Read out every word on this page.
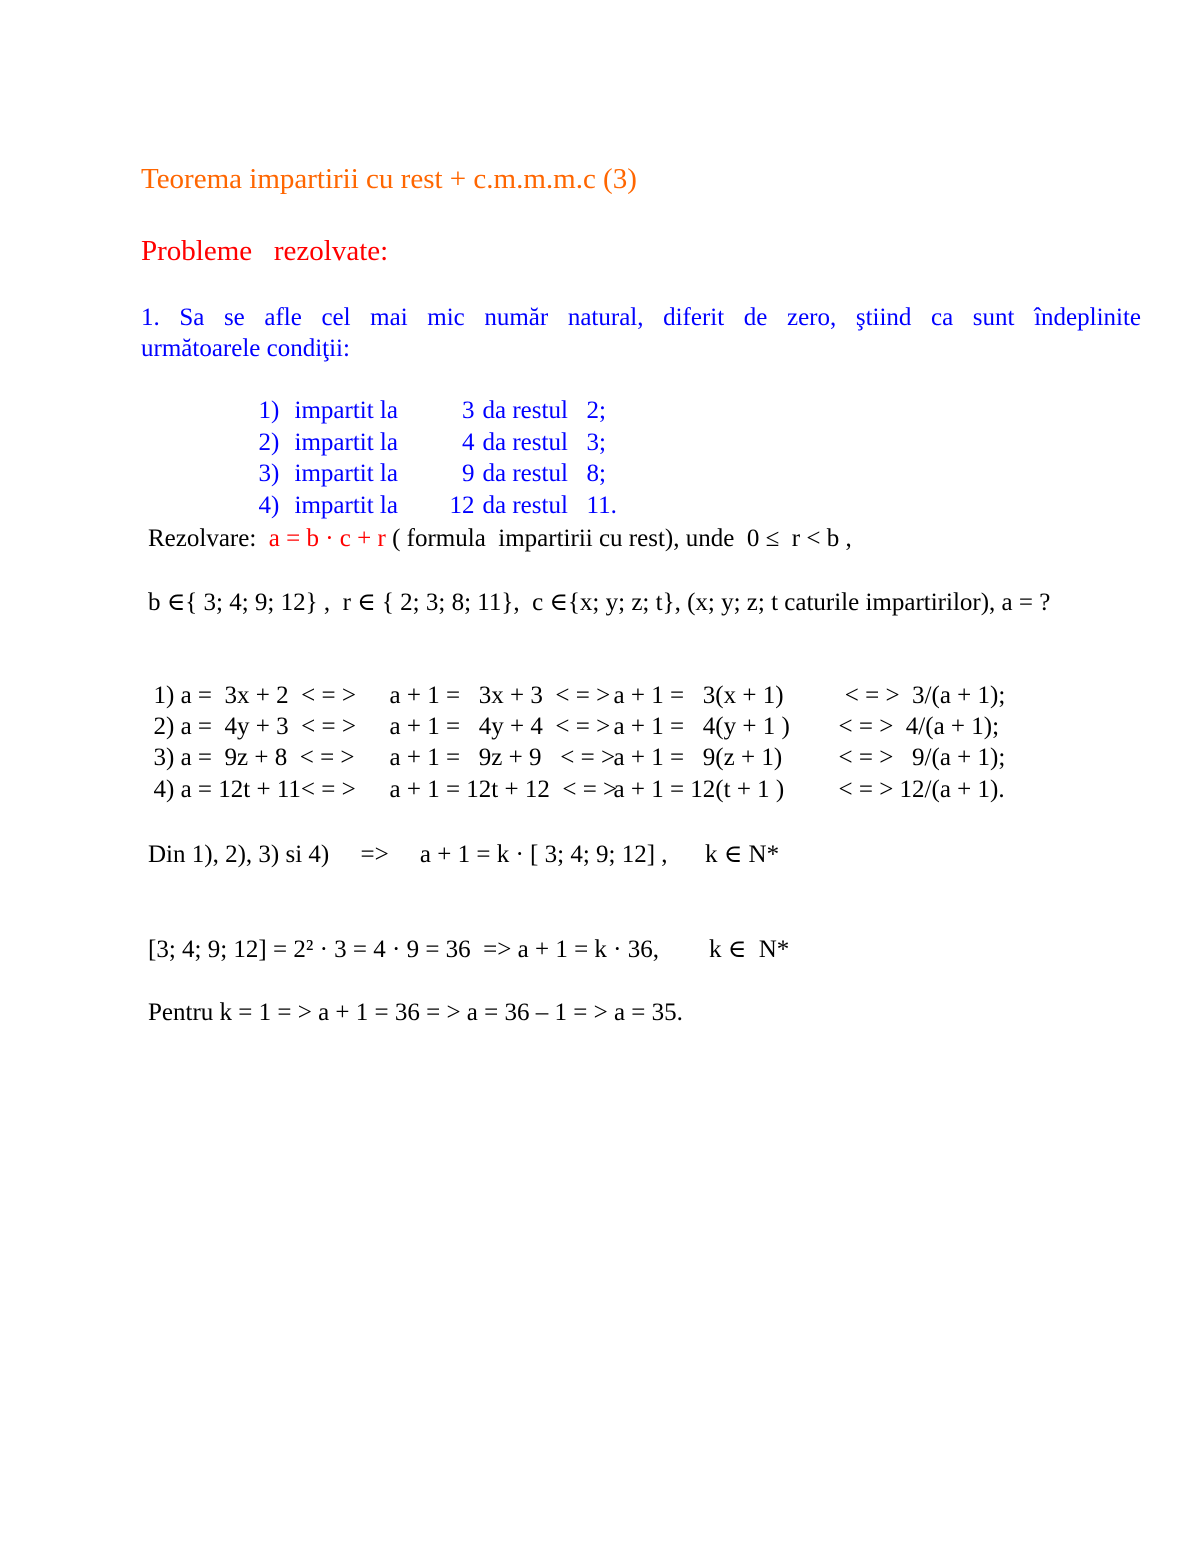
Teorema impartirii cu rest + c.m.m.m.c (3)
Probleme   rezolvate:
1. Sa se afle cel mai mic număr natural, diferit de zero, ştiind ca sunt îndeplinite
următoarele condiţii:

1) impartit la	3 da restul 2;

2) impartit la	4 da restul 3;

3) impartit la	9 da restul 8;

4) impartit la 12 da restul 11.

Rezolvare:  a = b · c + r ( formula  impartirii cu rest), unde  0 ≤  r < b ,
b ∈{ 3; 4; 9; 12} ,  r ∈ { 2; 3; 8; 11},  c ∈{x; y; z; t}, (x; y; z; t caturile impartirilor), a = ?

1) a =  3x + 2  < = > a + 1 =   3x + 3  < = > a + 1 =   3(x + 1)  < = >  3/(a + 1);

2) a =  4y + 3  < = > a + 1 =   4y + 4  < = > a + 1 =   4(y + 1 ) < = >  4/(a + 1);

3) a =  9z + 8  < = > a + 1 =   9z + 9   < = > a + 1 =   9(z + 1) < = >   9/(a + 1);

4) a = 12t + 11< = > a + 1 = 12t + 12  < = > a + 1 = 12(t + 1 ) < = > 12/(a + 1).

Din 1), 2), 3) si 4)     =>     a + 1 = k · [ 3; 4; 9; 12] ,      k ∈ N*
[3; 4; 9; 12] = 2² · 3 = 4 · 9 = 36  => a + 1 = k · 36,        k ∈  N*
Pentru k = 1 = > a + 1 = 36 = > a = 36 – 1 = > a = 35.
